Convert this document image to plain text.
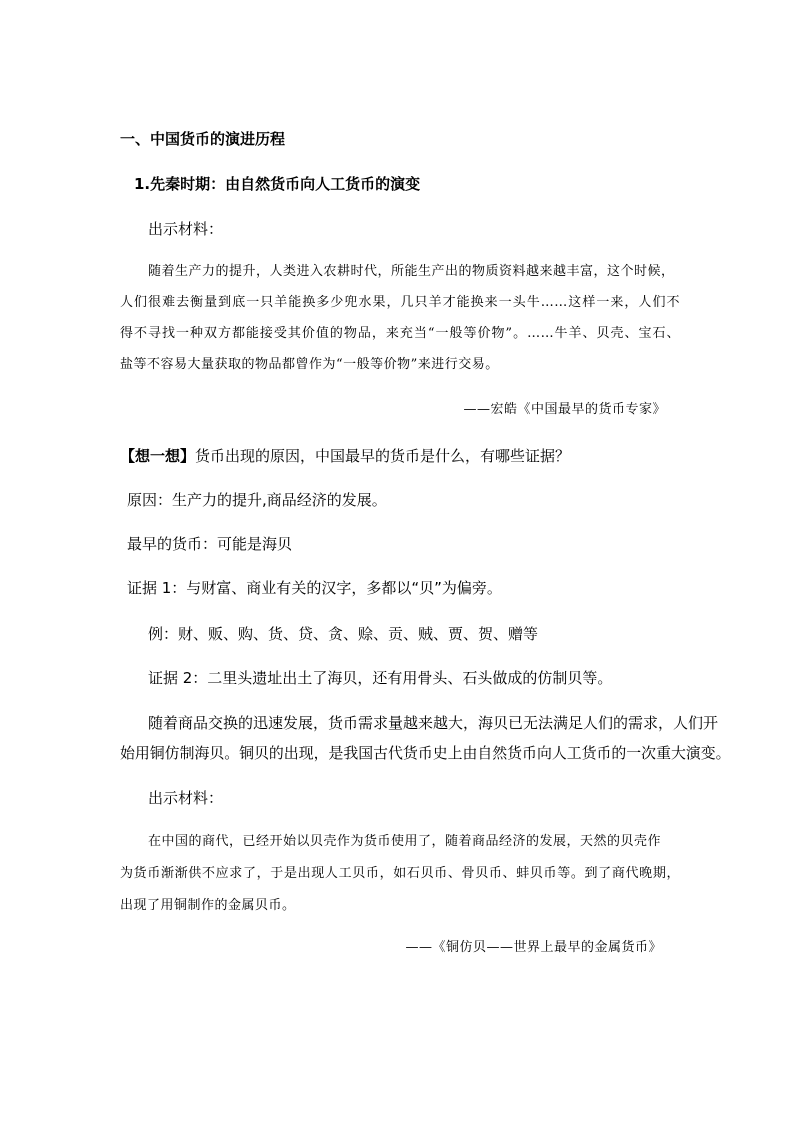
一、中国货币的演进历程
1.先秦时期：由自然货币向人工货币的演变
出示材料：
随着生产力的提升，人类进入农耕时代，所能生产出的物质资料越来越丰富，这个时候，
人们很难去衡量到底一只羊能换多少兜水果，几只羊才能换来一头牛……这样一来，人们不
得不寻找一种双方都能接受其价值的物品，来充当“一般等价物”。……牛羊、贝壳、宝石、
盐等不容易大量获取的物品都曾作为“一般等价物”来进行交易。
——宏皓《中国最早的货币专家》
【想一想】货币出现的原因，中国最早的货币是什么，有哪些证据？
原因：生产力的提升,商品经济的发展。
最早的货币：可能是海贝
证据 1：与财富、商业有关的汉字，多都以“贝”为偏旁。
例：财、贩、购、货、贷、贪、赊、贡、贼、贾、贺、赠等
证据 2：二里头遗址出土了海贝，还有用骨头、石头做成的仿制贝等。
随着商品交换的迅速发展，货币需求量越来越大，海贝已无法满足人们的需求，人们开
始用铜仿制海贝。铜贝的出现，是我国古代货币史上由自然货币向人工货币的一次重大演变。
出示材料：
在中国的商代，已经开始以贝壳作为货币使用了，随着商品经济的发展，天然的贝壳作
为货币渐渐供不应求了，于是出现人工贝币，如石贝币、骨贝币、蚌贝币等。到了商代晚期，
出现了用铜制作的金属贝币。
——《铜仿贝——世界上最早的金属货币》
